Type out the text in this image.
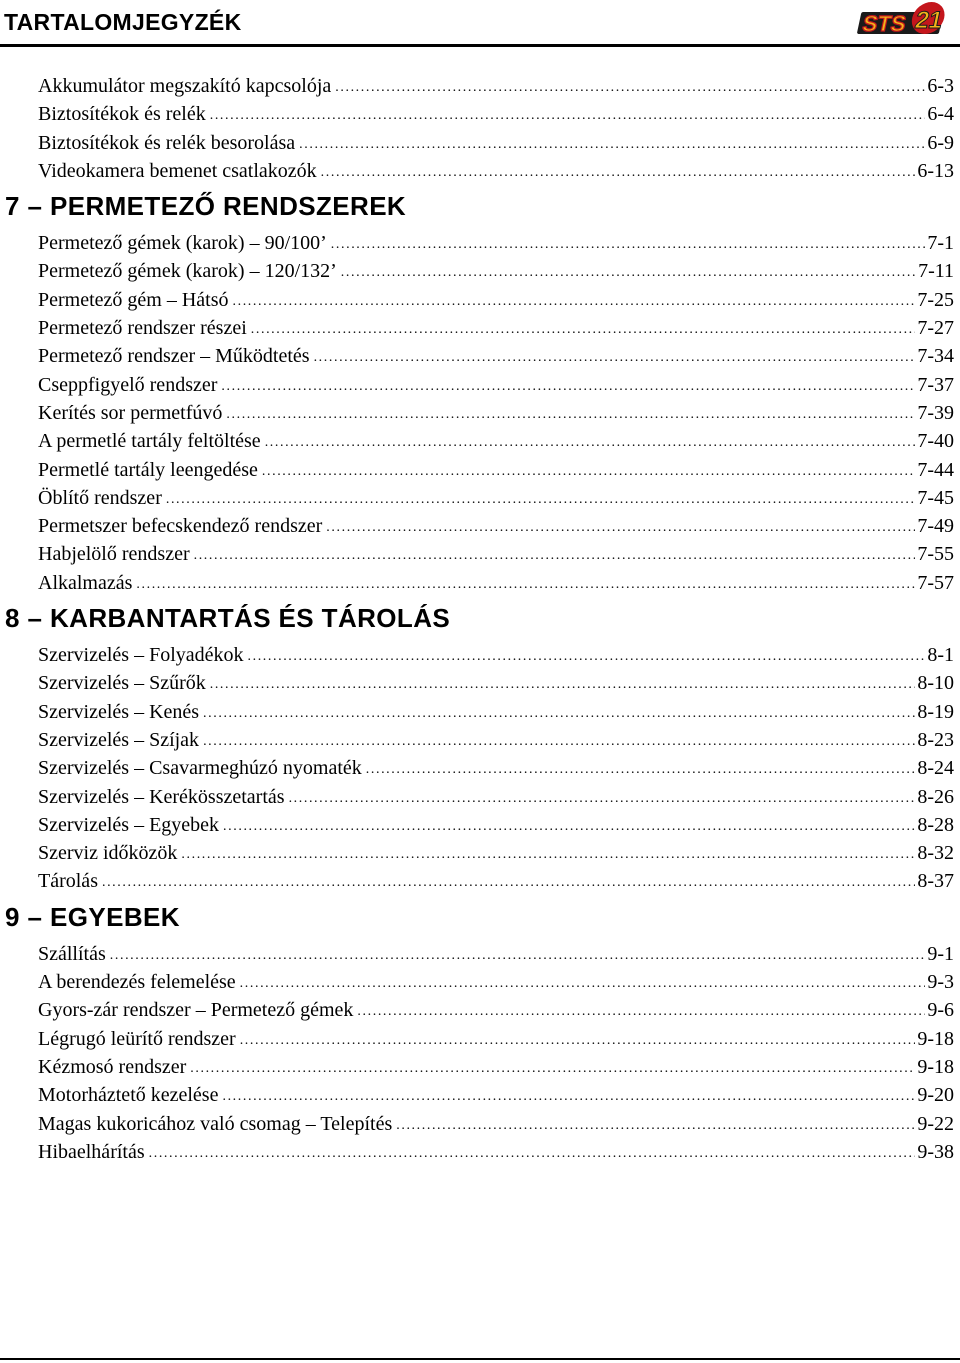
TARTALOMJEGYZÉK	STS 21
Akkumulátor megszakító kapcsolója .....	6-3
Biztosítékok és relék .....	6-4
Biztosítékok és relék besorolása .....	6-9
Videokamera bemenet csatlakozók .....	6-13
7 – PERMETEZŐ RENDSZEREK
Permetező gémek (karok) – 90/100’ .....	7-1
Permetező gémek (karok) – 120/132’ .....	7-11
Permetező gém – Hátsó .....	7-25
Permetező rendszer részei .....	7-27
Permetező rendszer – Működtetés .....	7-34
Cseppfigyelő rendszer .....	7-37
Kerítés sor permetfúvó .....	7-39
A permetlé tartály feltöltése .....	7-40
Permetlé tartály leengedése .....	7-44
Öblítő rendszer .....	7-45
Permetszer befecskendező rendszer .....	7-49
Habjelölő rendszer .....	7-55
Alkalmazás .....	7-57
8 – KARBANTARTÁS ÉS TÁROLÁS
Szervizelés – Folyadékok .....	8-1
Szervizelés – Szűrők .....	8-10
Szervizelés – Kenés .....	8-19
Szervizelés – Szíjak .....	8-23
Szervizelés – Csavarmeghúzó nyomaték .....	8-24
Szervizelés – Kerékösszetartás .....	8-26
Szervizelés – Egyebek .....	8-28
Szerviz időközök .....	8-32
Tárolás .....	8-37
9 – EGYEBEK
Szállítás .....	9-1
A berendezés felemelése .....	9-3
Gyors-zár rendszer – Permetező gémek .....	9-6
Légrugó leürítő rendszer .....	9-18
Kézmosó rendszer .....	9-18
Motorháztető kezelése .....	9-20
Magas kukoricához való csomag – Telepítés .....	9-22
Hibaelhárítás .....	9-38
